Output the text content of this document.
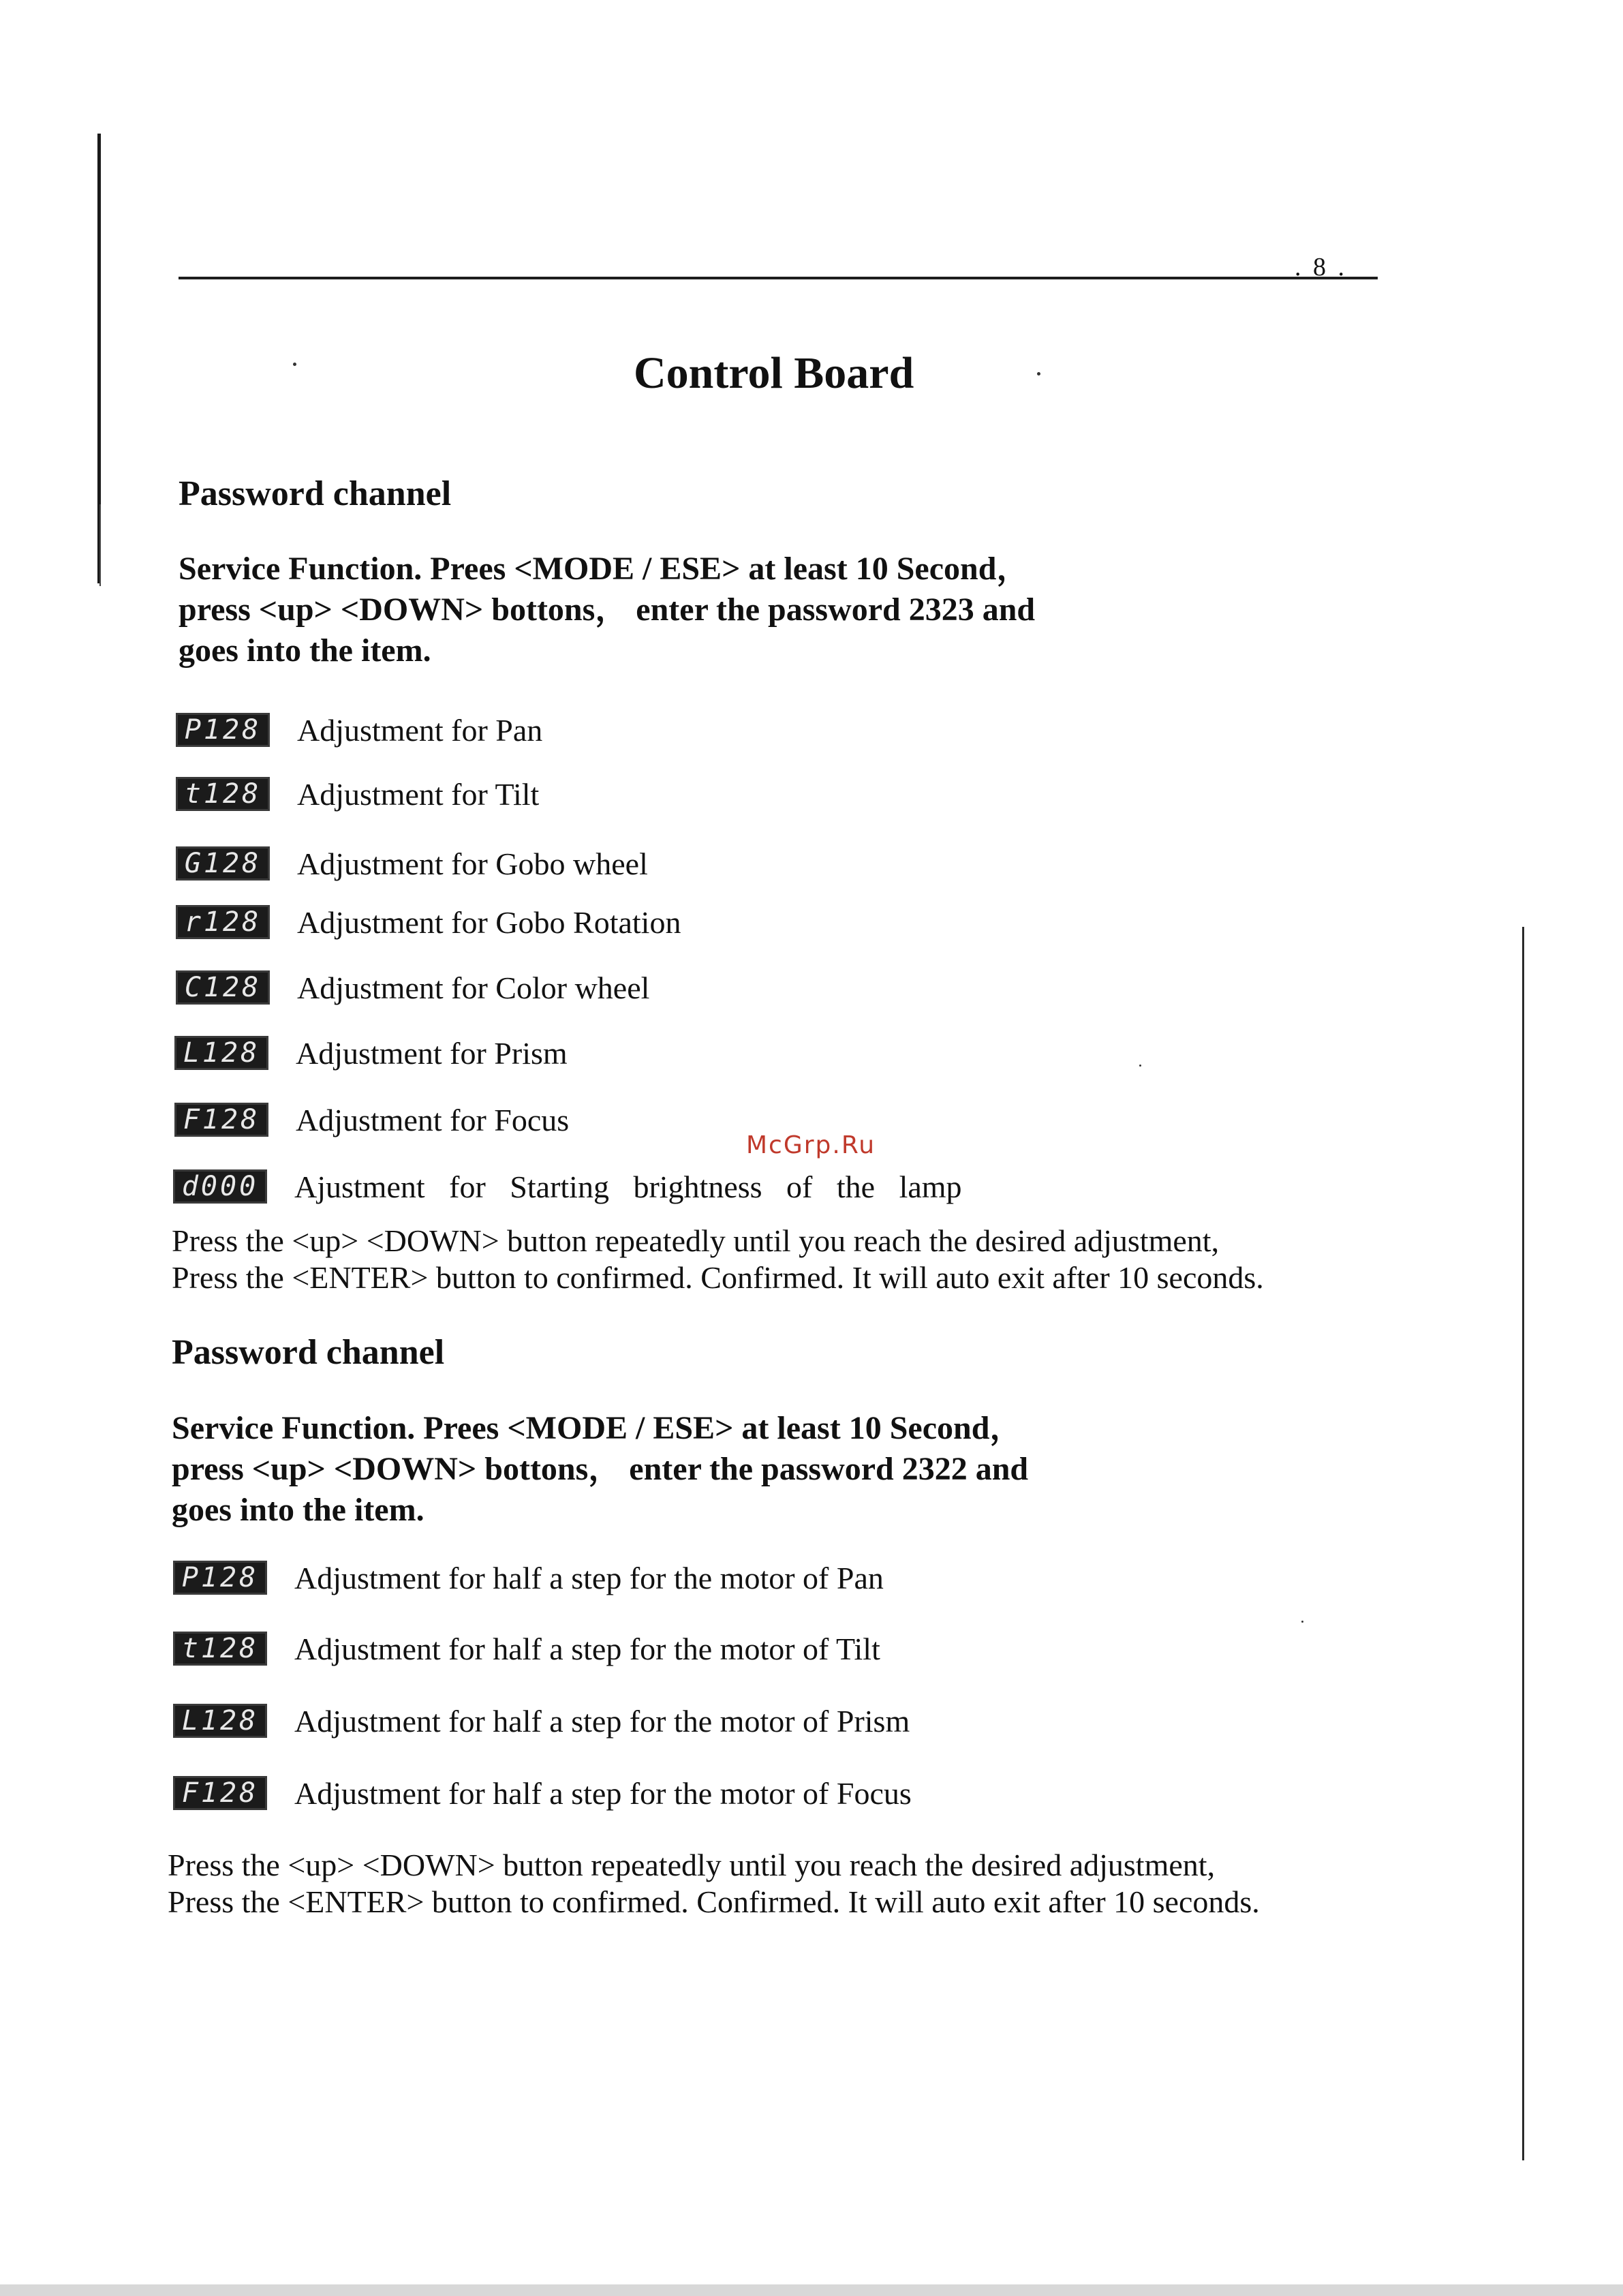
. 8 .
Control Board
McGrp.Ru
Password channel
Service Function. Prees <MODE / ESE> at least 10 Second，
press <up> <DOWN> bottons， enter the password 2323 and
goes into the item.
P128 Adjustment for Pan
t128 Adjustment for Tilt
G128 Adjustment for Gobo wheel
r128 Adjustment for Gobo Rotation
C128 Adjustment for Color wheel
L128 Adjustment for Prism
F128 Adjustment for Focus
d000 Ajustment for Starting brightness of the lamp
Press the <up> <DOWN> button repeatedly until you reach the desired adjustment,
Press the <ENTER> button to confirmed. Confirmed. It will auto exit after 10 seconds.
Password channel
Service Function. Prees <MODE / ESE> at least 10 Second，
press <up> <DOWN> bottons， enter the password 2322 and
goes into the item.
P128 Adjustment for half a step for the motor of Pan
t128 Adjustment for half a step for the motor of Tilt
L128 Adjustment for half a step for the motor of Prism
F128 Adjustment for half a step for the motor of Focus
Press the <up> <DOWN> button repeatedly until you reach the desired adjustment,
Press the <ENTER> button to confirmed. Confirmed. It will auto exit after 10 seconds.
